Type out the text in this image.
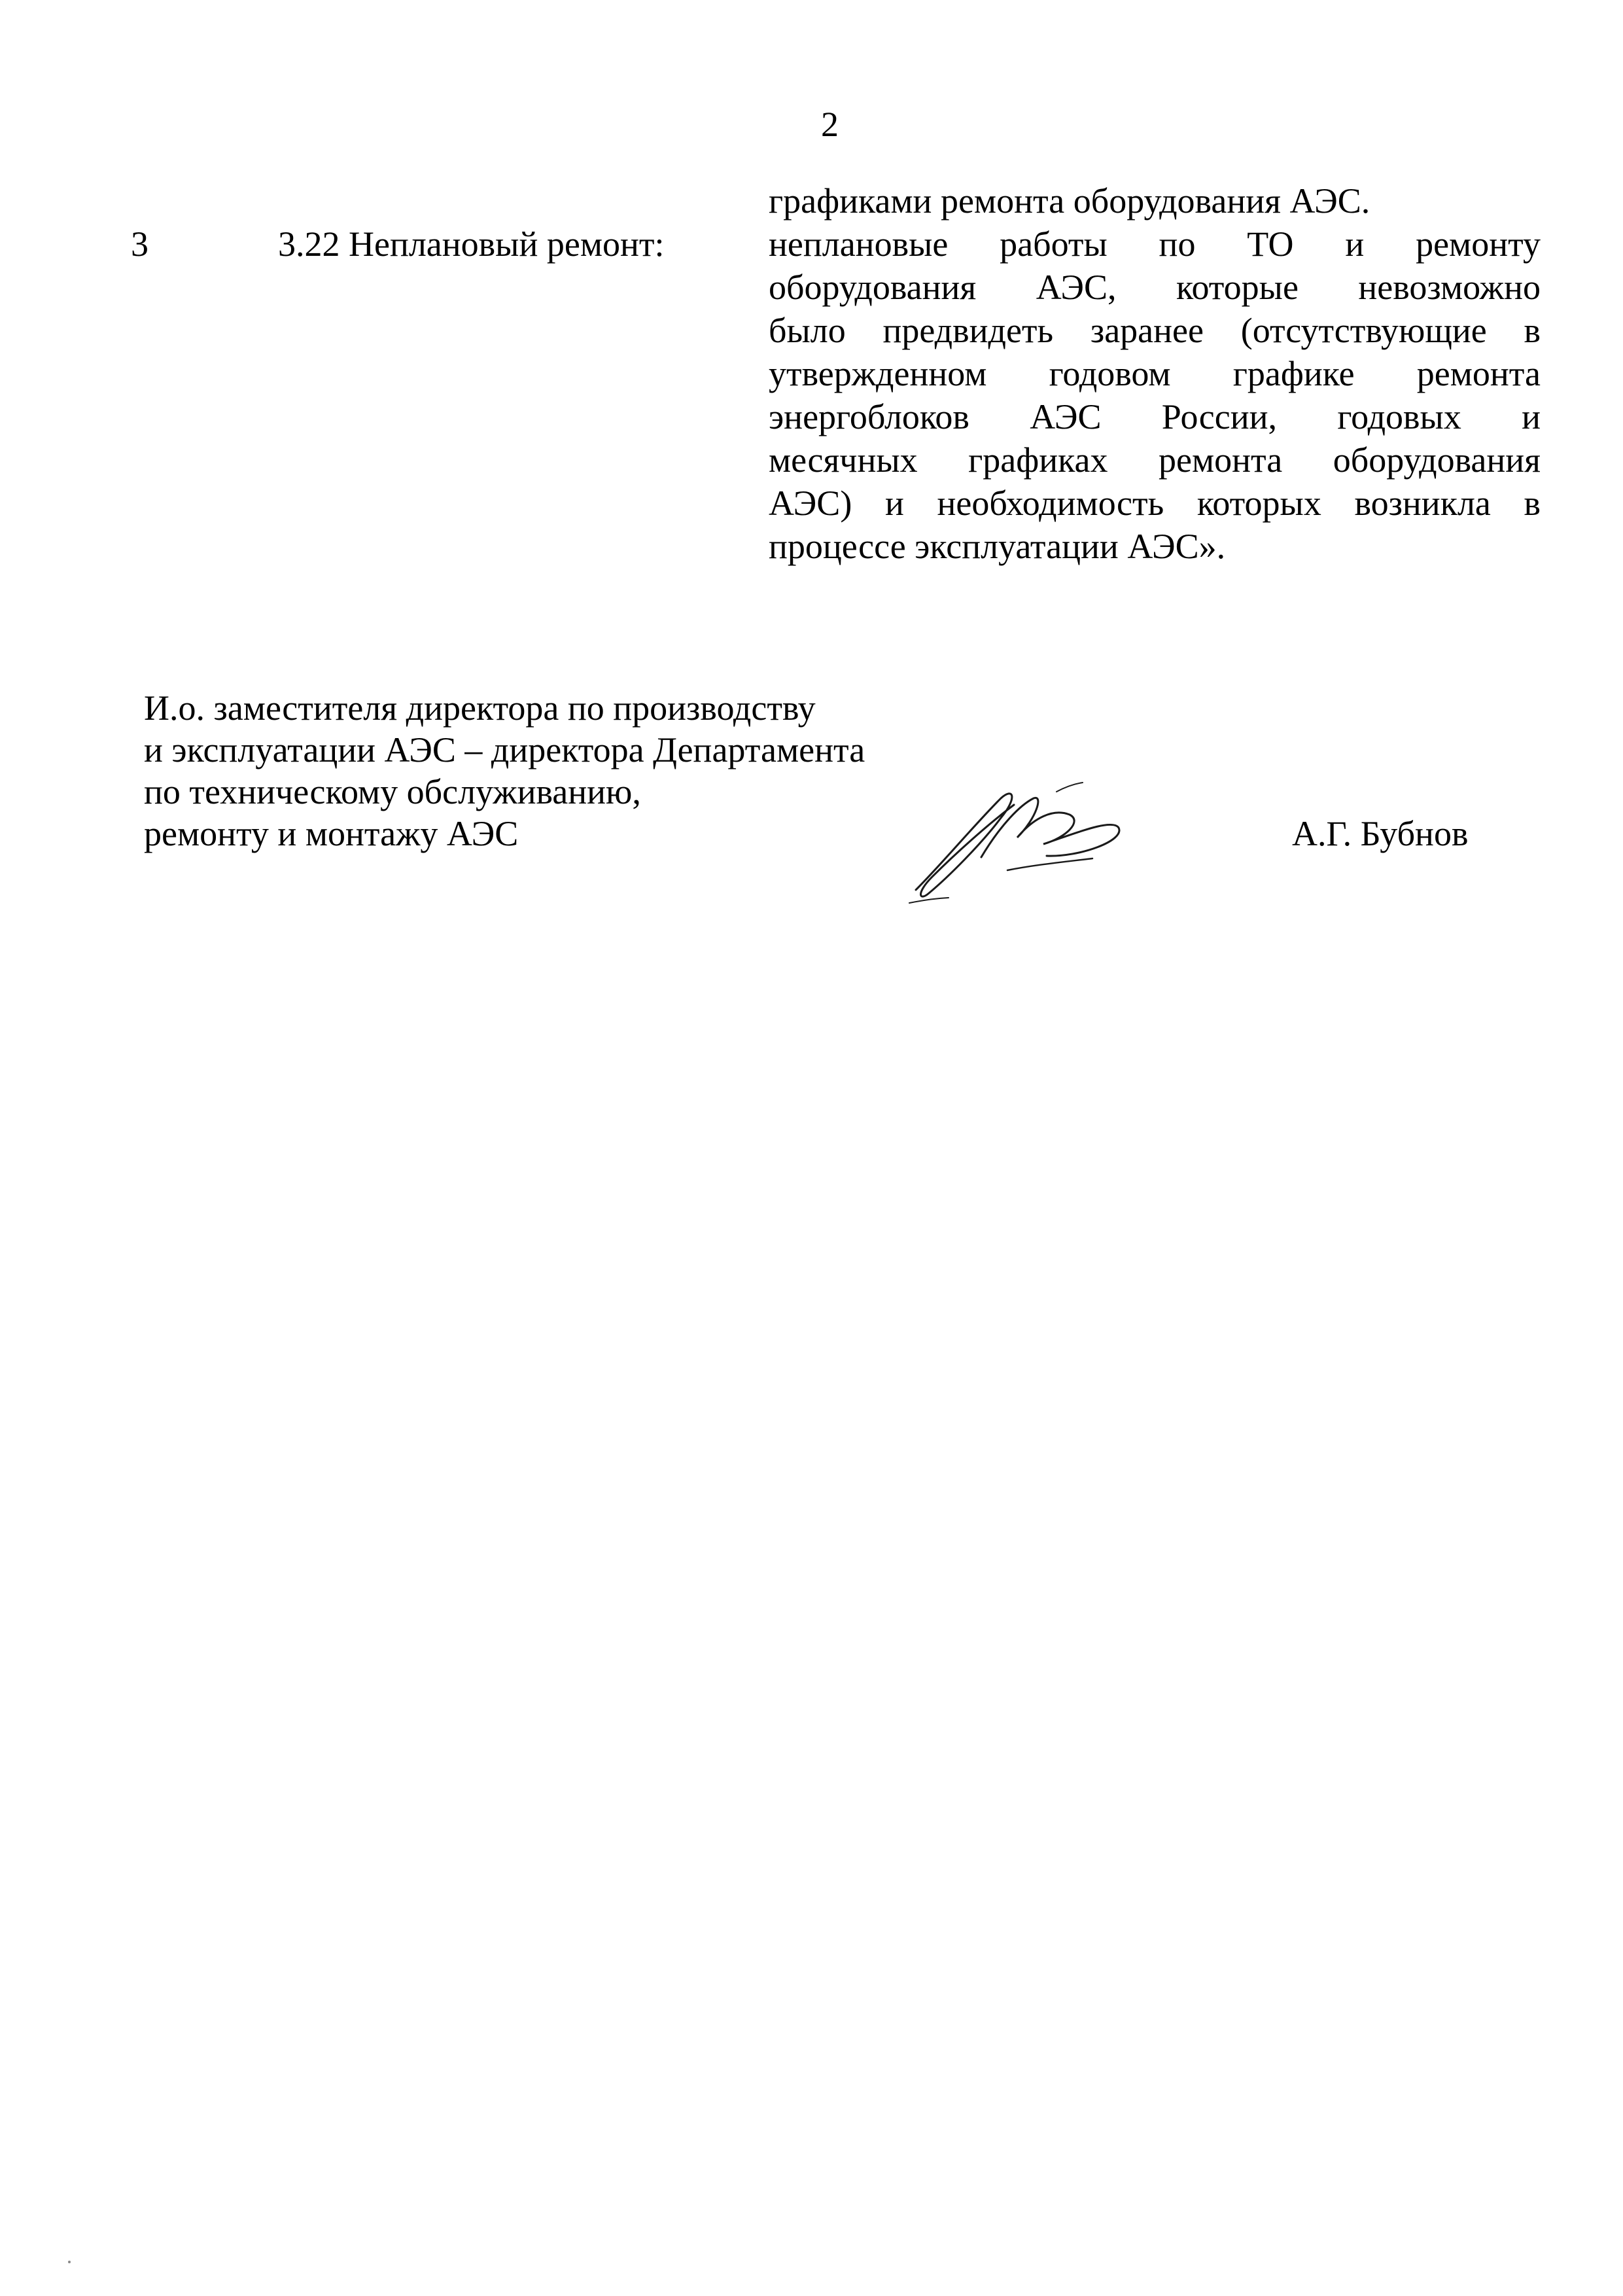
2
3	3.22 Неплановый ремонт:
графиками ремонта оборудования АЭС.
неплановые работы по ТО и ремонту
оборудования АЭС, которые невозможно
было предвидеть заранее (отсутствующие в
утвержденном годовом графике ремонта
энергоблоков АЭС России, годовых и
месячных графиках ремонта оборудования
АЭС) и необходимость которых возникла в
процессе эксплуатации АЭС».
И.о. заместителя директора по производству
и эксплуатации АЭС – директора Департамента
по техническому обслуживанию,
ремонту и монтажу АЭС	А.Г. Бубнов
